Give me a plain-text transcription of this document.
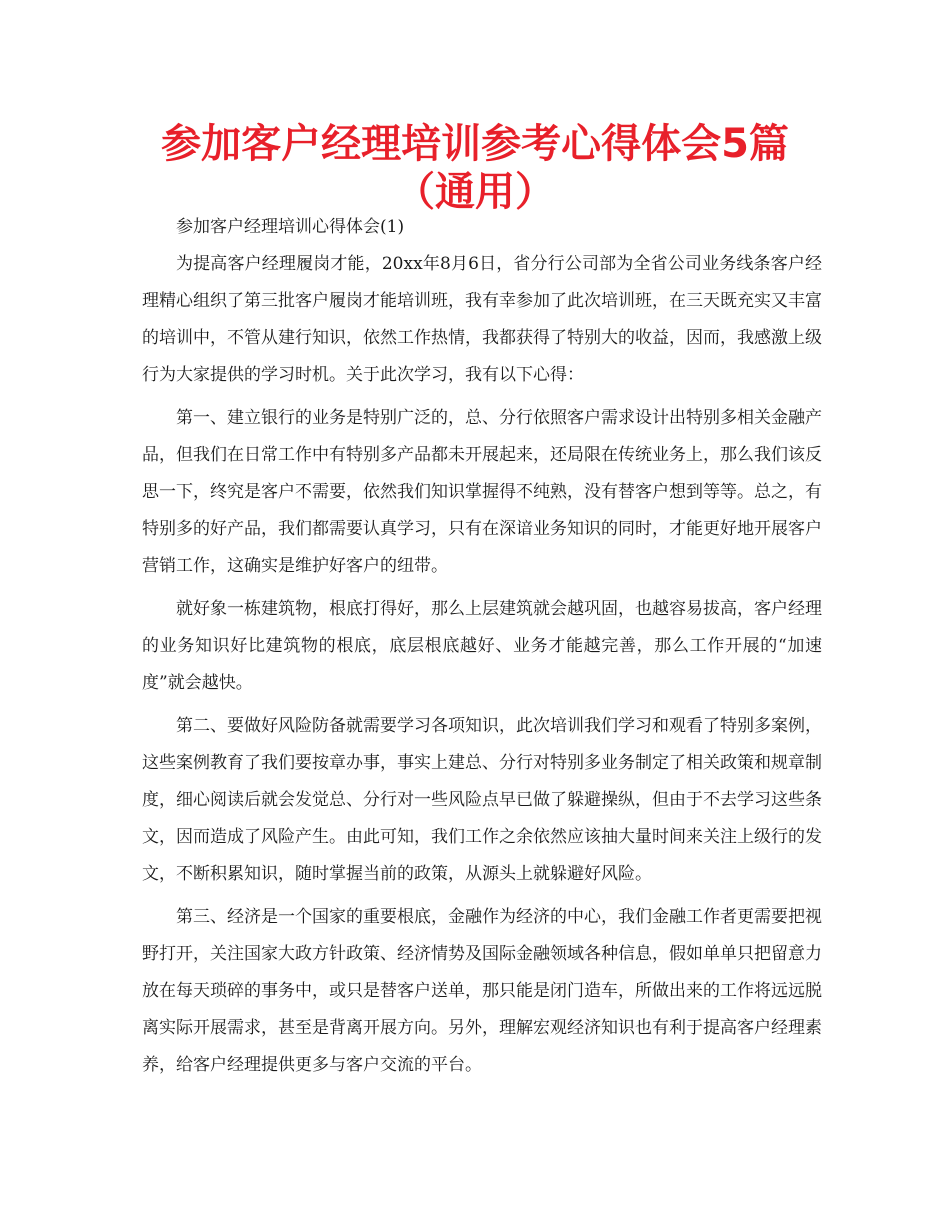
参加客户经理培训参考心得体会5篇（通用）

参加客户经理培训心得体会(1)

为提高客户经理履岗才能，20xx年8月6日，省分行公司部为全省公司业务线条客户经理精心组织了第三批客户履岗才能培训班，我有幸参加了此次培训班，在三天既充实又丰富的培训中，不管从建行知识，依然工作热情，我都获得了特别大的收益，因而，我感激上级行为大家提供的学习时机。关于此次学习，我有以下心得：

第一、建立银行的业务是特别广泛的，总、分行依照客户需求设计出特别多相关金融产品，但我们在日常工作中有特别多产品都未开展起来，还局限在传统业务上，那么我们该反思一下，终究是客户不需要，依然我们知识掌握得不纯熟，没有替客户想到等等。总之，有特别多的好产品，我们都需要认真学习，只有在深谙业务知识的同时，才能更好地开展客户营销工作，这确实是维护好客户的纽带。

就好象一栋建筑物，根底打得好，那么上层建筑就会越巩固，也越容易拔高，客户经理的业务知识好比建筑物的根底，底层根底越好、业务才能越完善，那么工作开展的“加速度”就会越快。

第二、要做好风险防备就需要学习各项知识，此次培训我们学习和观看了特别多案例，这些案例教育了我们要按章办事，事实上建总、分行对特别多业务制定了相关政策和规章制度，细心阅读后就会发觉总、分行对一些风险点早已做了躲避操纵，但由于不去学习这些条文，因而造成了风险产生。由此可知，我们工作之余依然应该抽大量时间来关注上级行的发文，不断积累知识，随时掌握当前的政策，从源头上就躲避好风险。

第三、经济是一个国家的重要根底，金融作为经济的中心，我们金融工作者更需要把视野打开，关注国家大政方针政策、经济情势及国际金融领域各种信息，假如单单只把留意力放在每天琐碎的事务中，或只是替客户送单，那只能是闭门造车，所做出来的工作将远远脱离实际开展需求，甚至是背离开展方向。另外，理解宏观经济知识也有利于提高客户经理素养，给客户经理提供更多与客户交流的平台。
